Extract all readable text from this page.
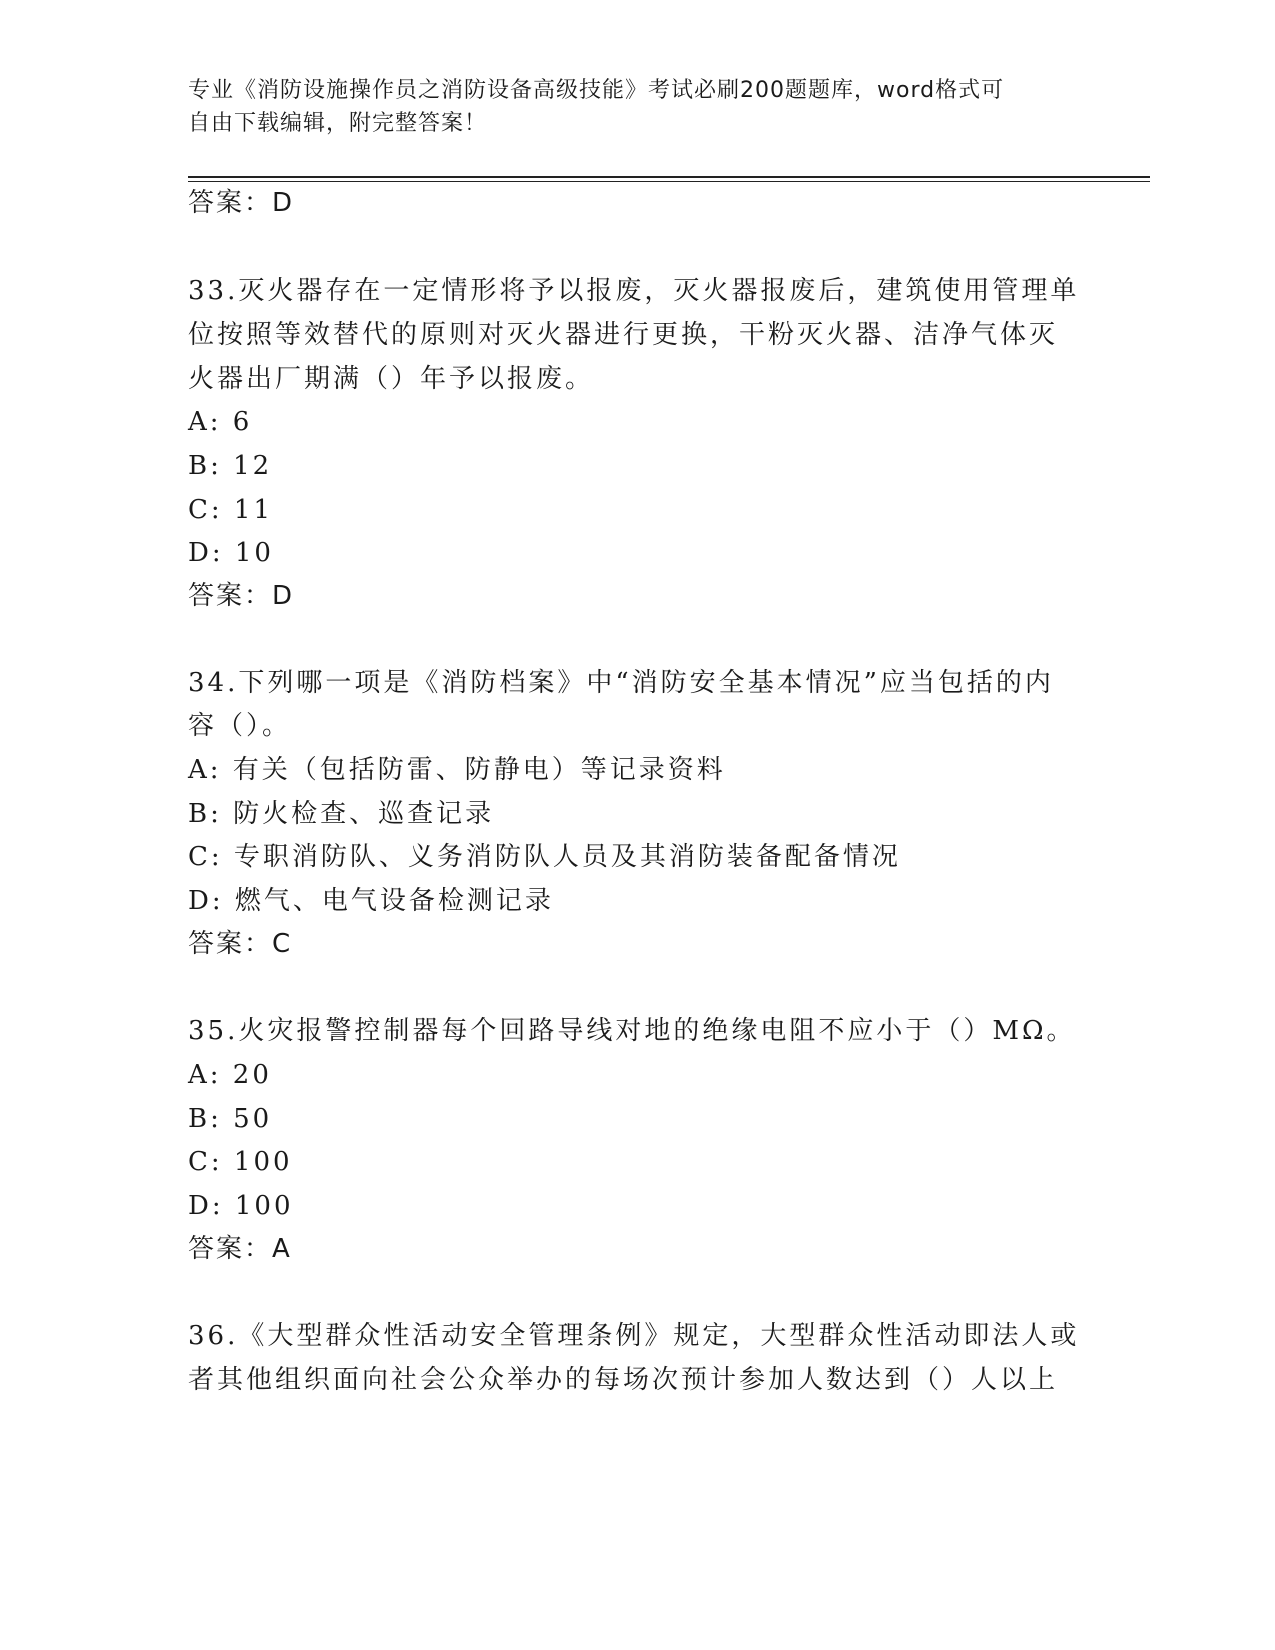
专业《消防设施操作员之消防设备高级技能》考试必刷200题题库，word格式可

自由下载编辑，附完整答案！

答案：D
33.灭火器存在一定情形将予以报废，灭火器报废后，建筑使用管理单
位按照等效替代的原则对灭火器进行更换，干粉灭火器、洁净气体灭
火器出厂期满（）年予以报废。
A: 6
B: 12
C: 11
D: 10
答案：D
34.下列哪一项是《消防档案》中“消防安全基本情况”应当包括的内
容（）。
A: 有关（包括防雷、防静电）等记录资料
B: 防火检查、巡查记录
C: 专职消防队、义务消防队人员及其消防装备配备情况
D: 燃气、电气设备检测记录
答案：C
35.火灾报警控制器每个回路导线对地的绝缘电阻不应小于（）MΩ。
A: 20
B: 50
C: 100
D: 100
答案：A
36.《大型群众性活动安全管理条例》规定，大型群众性活动即法人或
者其他组织面向社会公众举办的每场次预计参加人数达到（）人以上
